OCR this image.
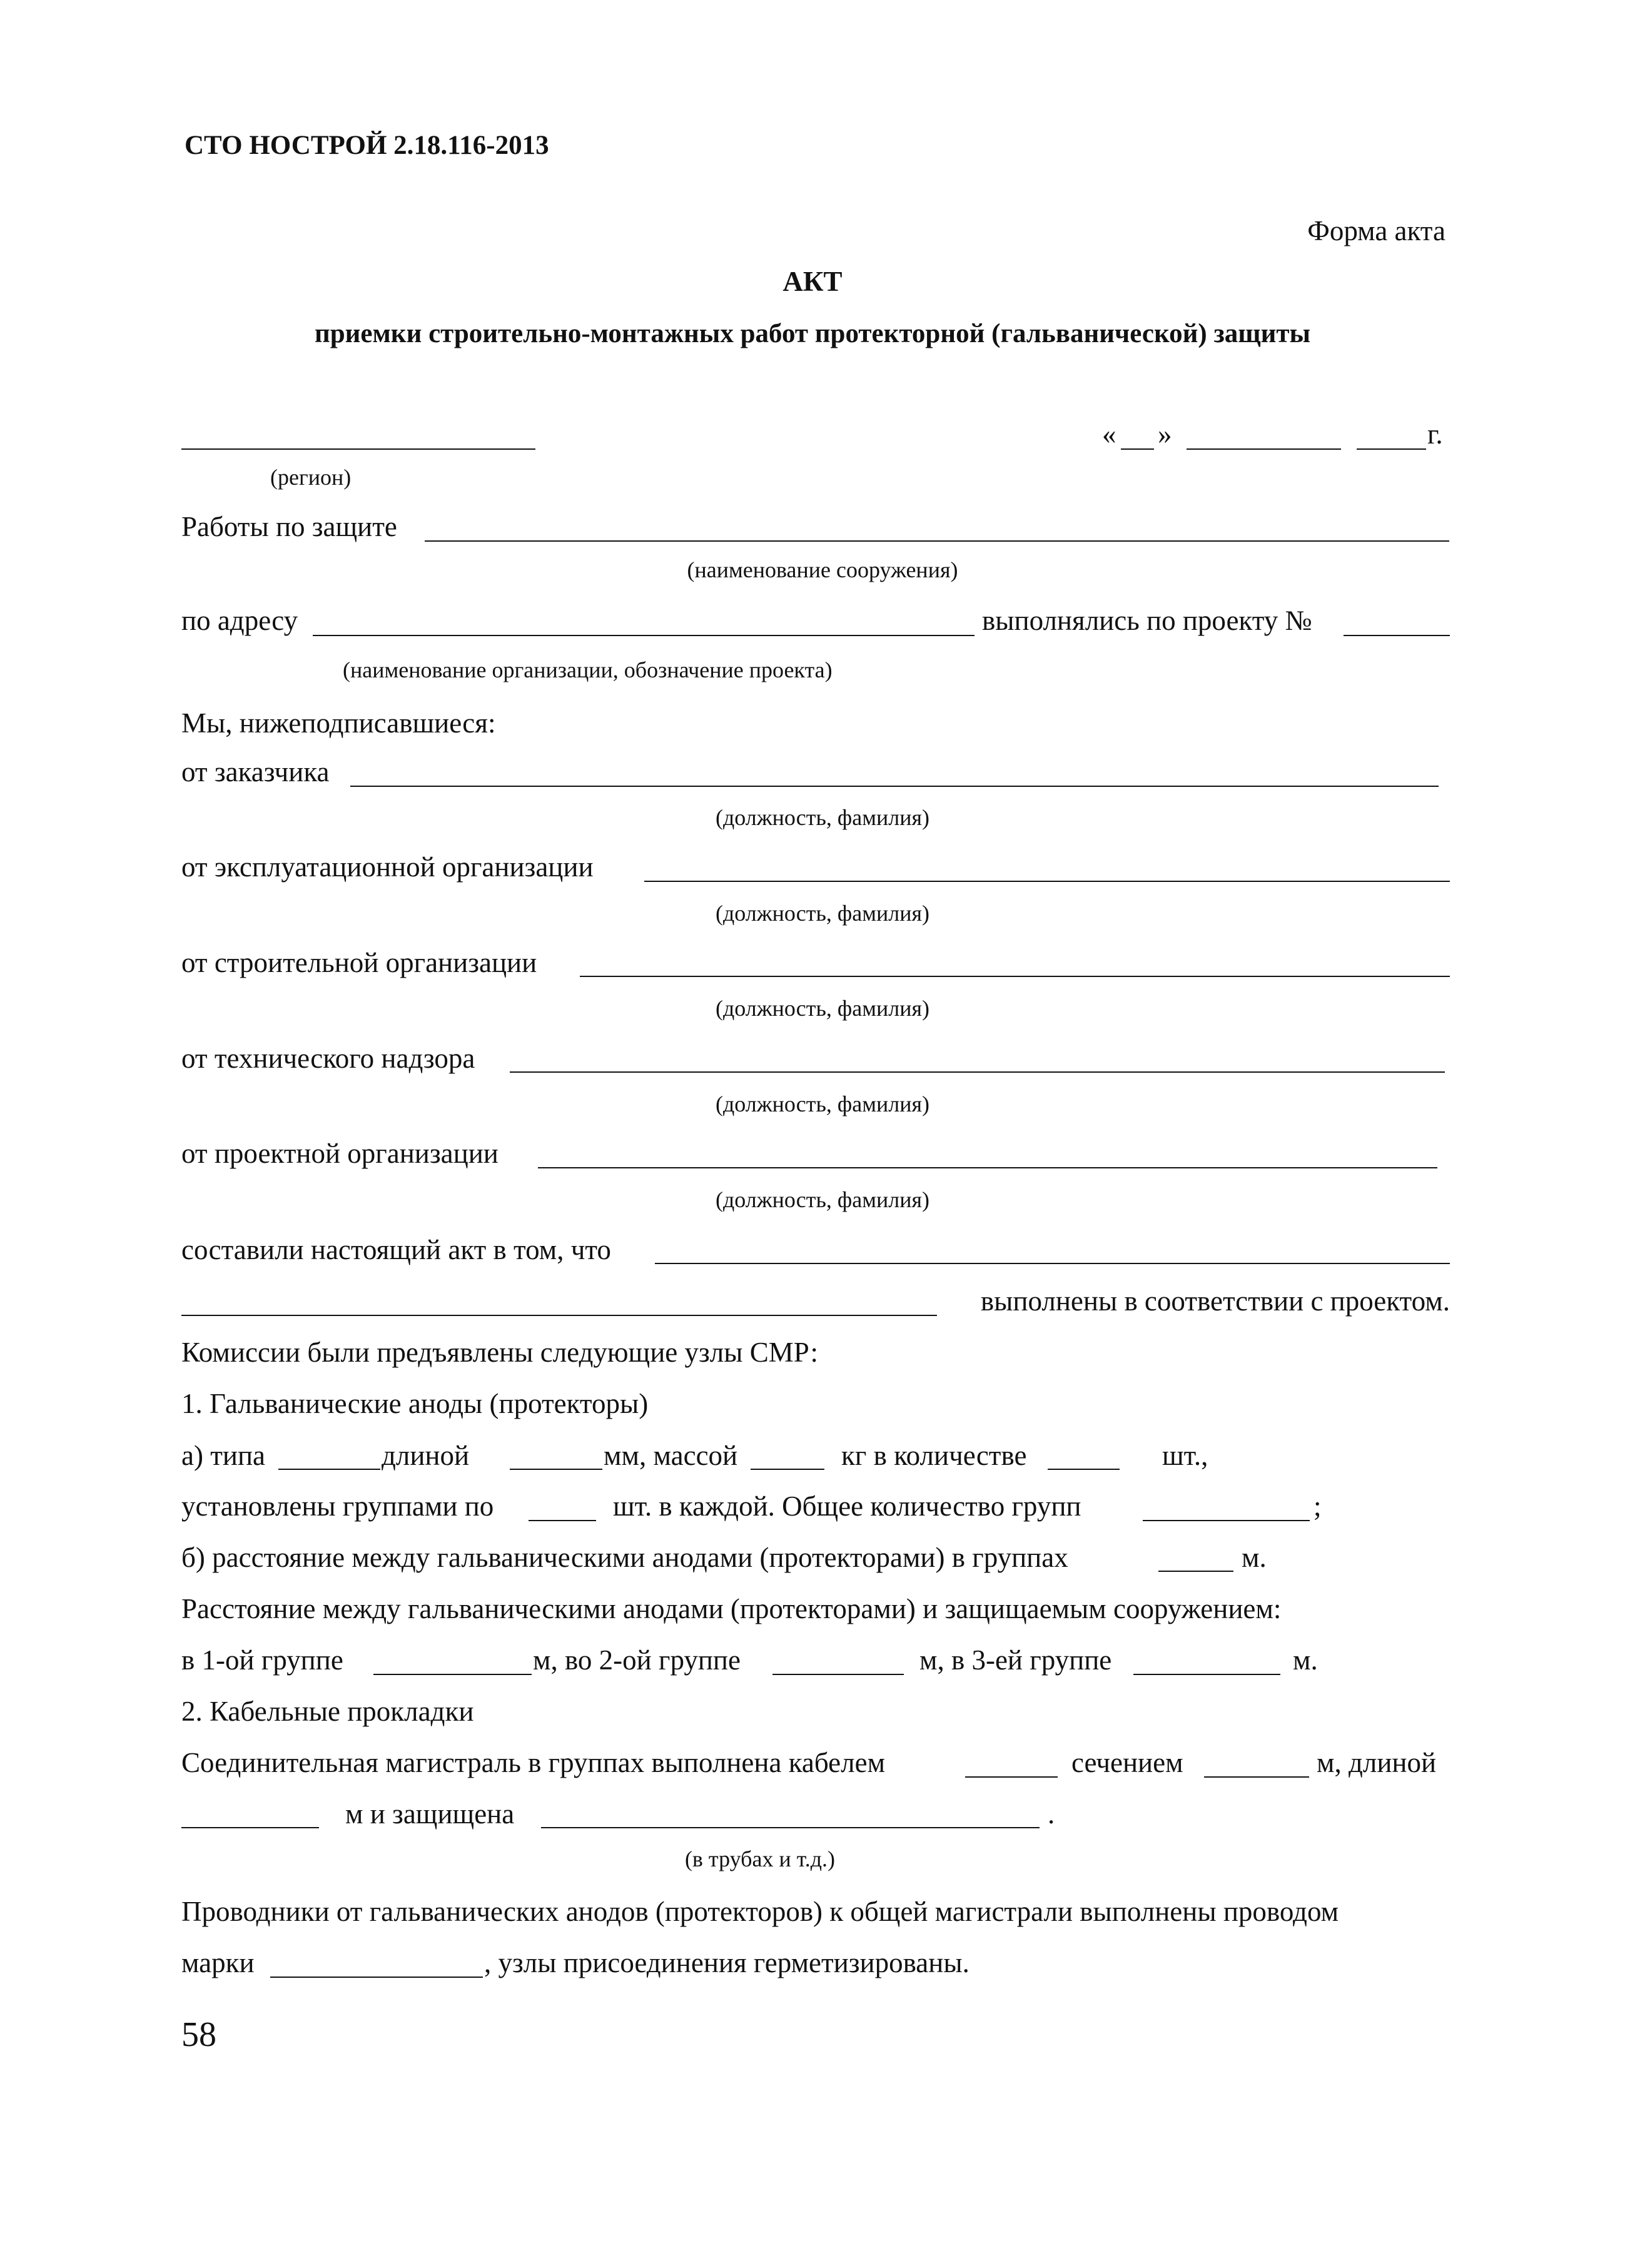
СТО НОСТРОЙ 2.18.116-2013
Форма акта
АКТ
приемки строительно-монтажных работ протекторной (гальванической) защиты
« »	г.
(регион)
Работы по защите
(наименование сооружения)
по адресу	выполнялись по проекту №
(наименование организации, обозначение проекта)
Мы, нижеподписавшиеся:
от заказчика
(должность, фамилия)
от эксплуатационной организации
(должность, фамилия)
от строительной организации
(должность, фамилия)
от технического надзора
(должность, фамилия)
от проектной организации
(должность, фамилия)
составили настоящий акт в том, что
выполнены в соответствии с проектом.
Комиссии были предъявлены следующие узлы СМР:
1. Гальванические аноды (протекторы)
а) типа	длиной	мм, массой	кг в количестве	шт.,
установлены группами по	шт. в каждой. Общее количество групп	;
б) расстояние между гальваническими анодами (протекторами) в группах	м.
Расстояние между гальваническими анодами (протекторами) и защищаемым сооружением:
в 1-ой группе	м, во 2-ой группе	м, в 3-ей группе	м.
2. Кабельные прокладки
Соединительная магистраль в группах выполнена кабелем	сечением	м, длиной
м и защищена	.
(в трубах и т.д.)
Проводники от гальванических анодов (протекторов) к общей магистрали выполнены проводом
марки	, узлы присоединения герметизированы.
58
